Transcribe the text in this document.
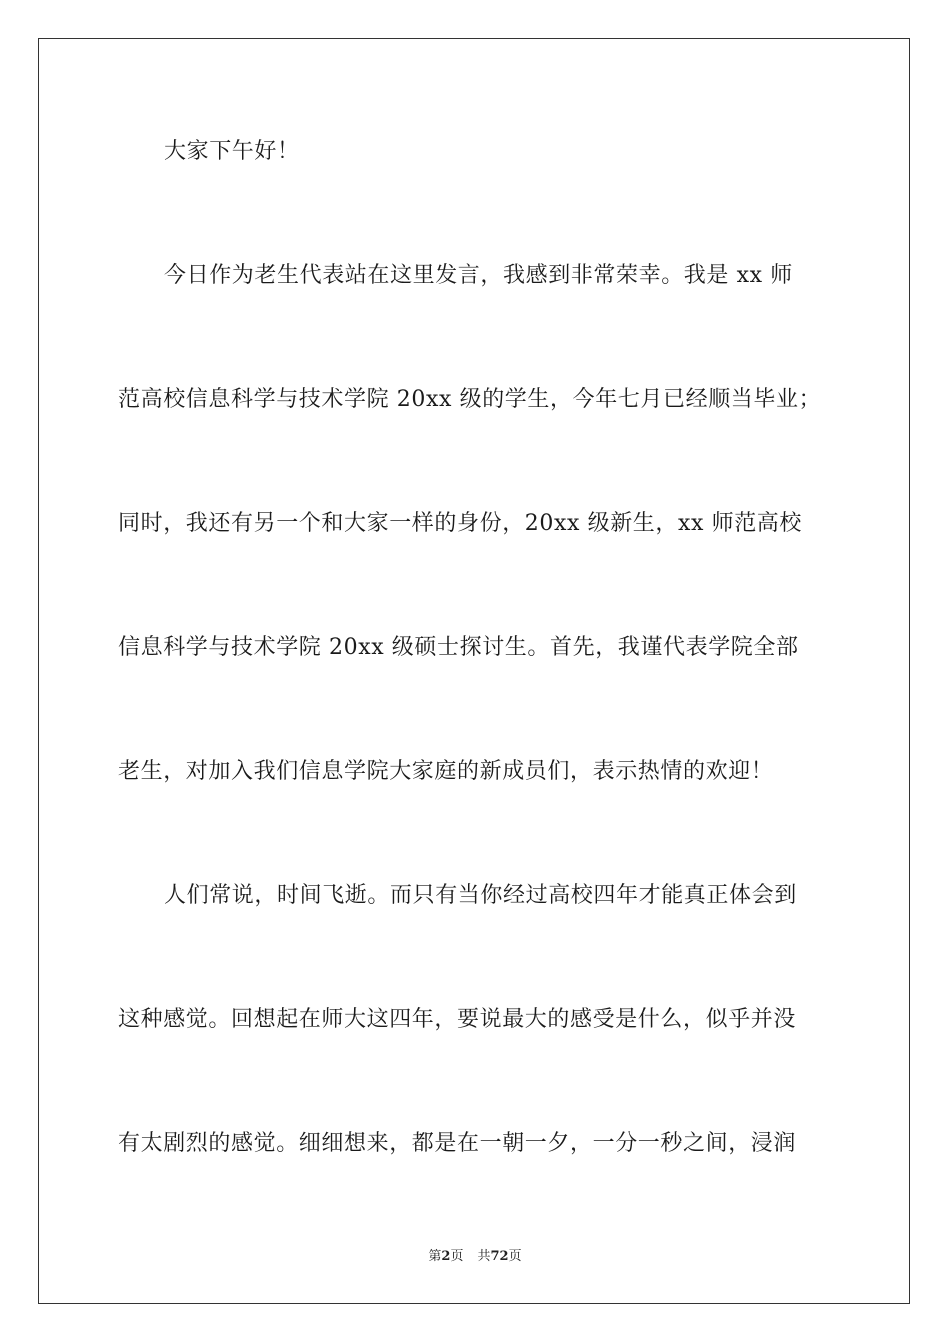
大家下午好！
今日作为老生代表站在这里发言，我感到非常荣幸。我是 xx 师
范高校信息科学与技术学院 20xx 级的学生，今年七月已经顺当毕业；
同时，我还有另一个和大家一样的身份，20xx 级新生，xx 师范高校
信息科学与技术学院 20xx 级硕士探讨生。首先，我谨代表学院全部
老生，对加入我们信息学院大家庭的新成员们，表示热情的欢迎！
人们常说，时间飞逝。而只有当你经过高校四年才能真正体会到
这种感觉。回想起在师大这四年，要说最大的感受是什么，似乎并没
有太剧烈的感觉。细细想来，都是在一朝一夕，一分一秒之间，浸润
第2页 共72页
